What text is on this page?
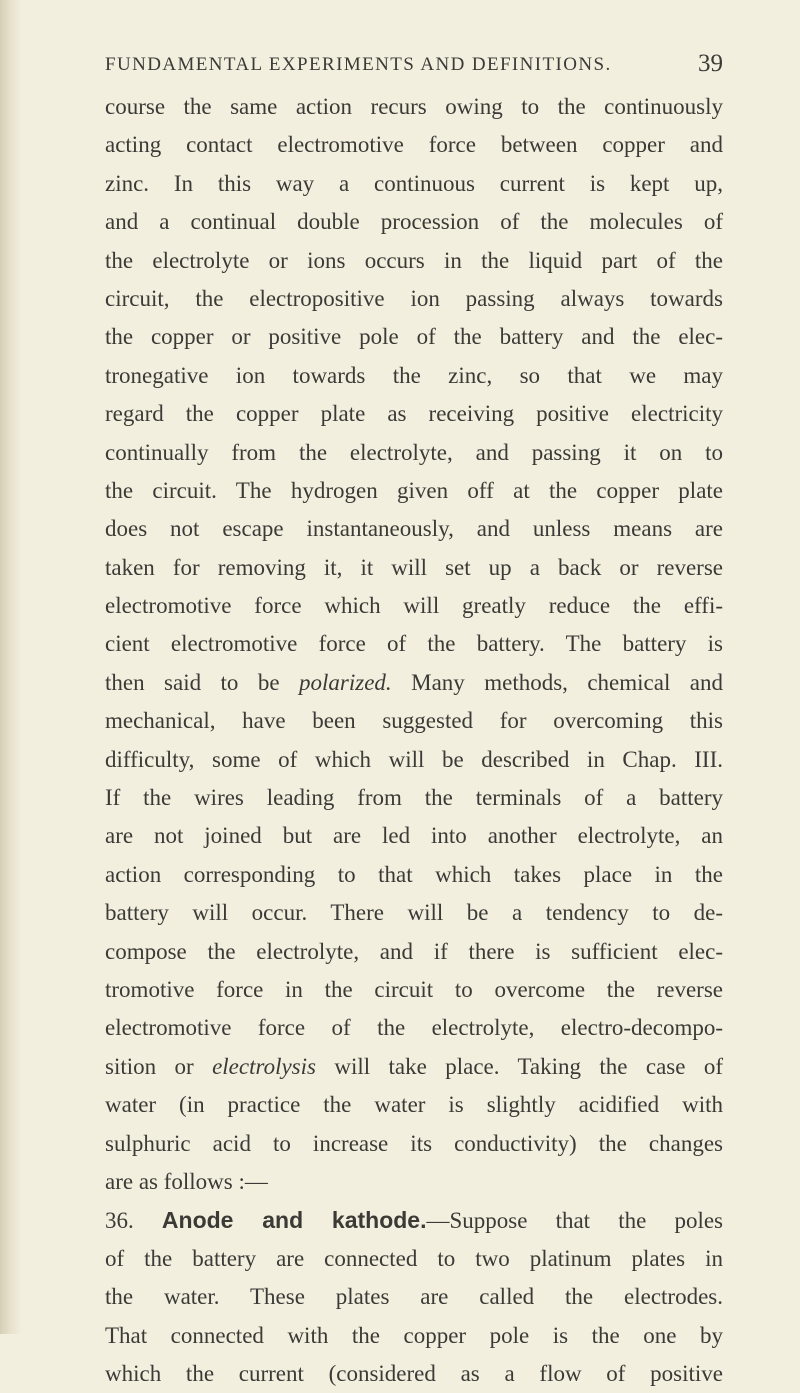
FUNDAMENTAL EXPERIMENTS AND DEFINITIONS.	39
course the same action recurs owing to the continuously
acting contact electromotive force between copper and
zinc. In this way a continuous current is kept up,
and a continual double procession of the molecules of
the electrolyte or ions occurs in the liquid part of the
circuit, the electropositive ion passing always towards
the copper or positive pole of the battery and the elec-
tronegative ion towards the zinc, so that we may
regard the copper plate as receiving positive electricity
continually from the electrolyte, and passing it on to
the circuit. The hydrogen given off at the copper plate
does not escape instantaneously, and unless means are
taken for removing it, it will set up a back or reverse
electromotive force which will greatly reduce the effi-
cient electromotive force of the battery. The battery is
then said to be polarized. Many methods, chemical and
mechanical, have been suggested for overcoming this
difficulty, some of which will be described in Chap. III.
If the wires leading from the terminals of a battery
are not joined but are led into another electrolyte, an
action corresponding to that which takes place in the
battery will occur. There will be a tendency to de-
compose the electrolyte, and if there is sufficient elec-
tromotive force in the circuit to overcome the reverse
electromotive force of the electrolyte, electro-decompo-
sition or electrolysis will take place. Taking the case of
water (in practice the water is slightly acidified with
sulphuric acid to increase its conductivity) the changes
are as follows :—
36. Anode and kathode.—Suppose that the poles
of the battery are connected to two platinum plates in
the water. These plates are called the electrodes.
That connected with the copper pole is the one by
which the current (considered as a flow of positive
